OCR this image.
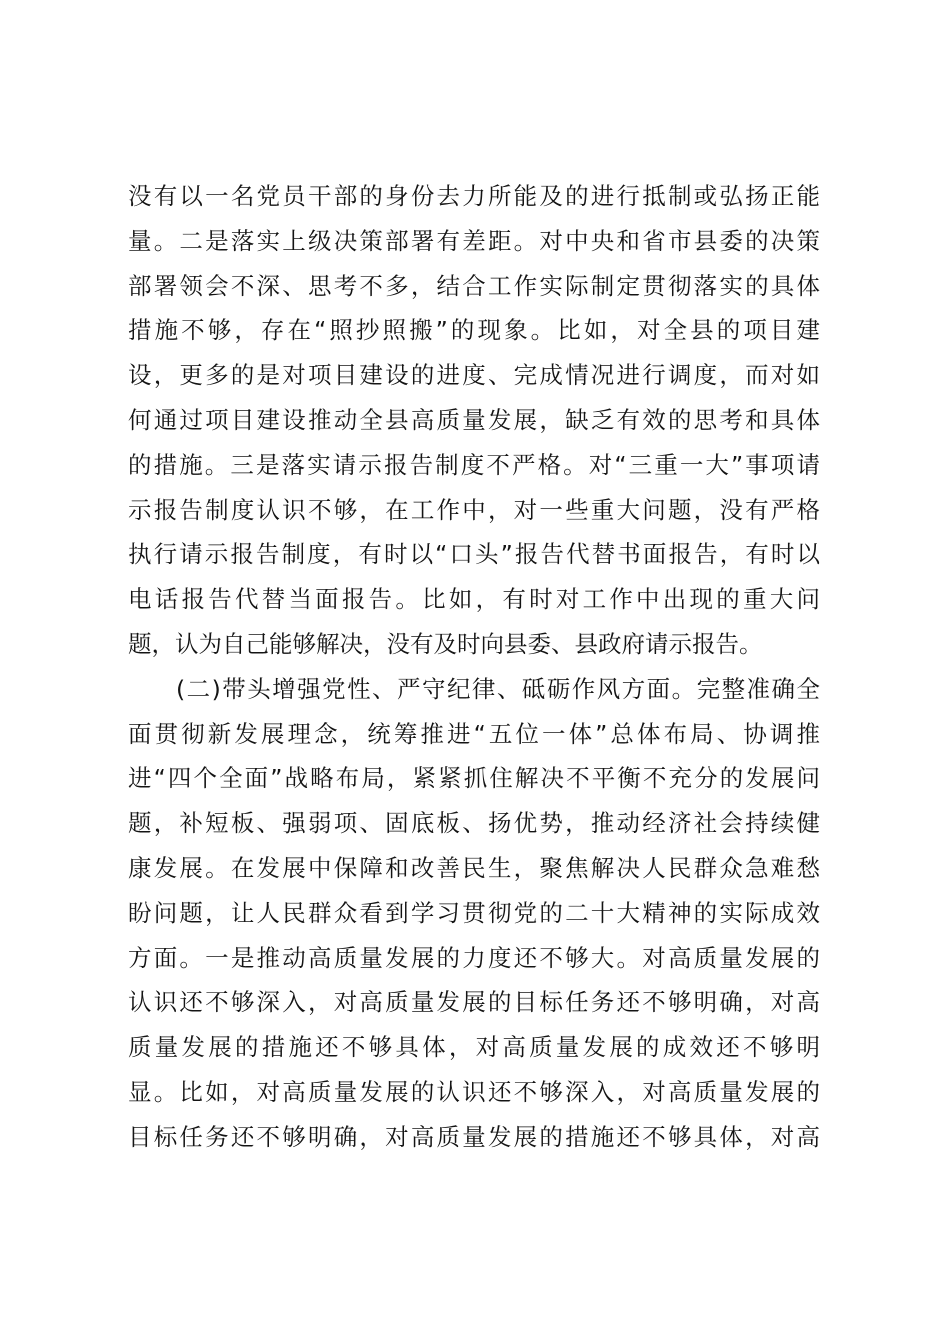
没有以一名党员干部的身份去力所能及的进行抵制或弘扬正能
量。二是落实上级决策部署有差距。对中央和省市县委的决策
部署领会不深、思考不多，结合工作实际制定贯彻落实的具体
措施不够，存在“照抄照搬”的现象。比如，对全县的项目建
设，更多的是对项目建设的进度、完成情况进行调度，而对如
何通过项目建设推动全县高质量发展，缺乏有效的思考和具体
的措施。三是落实请示报告制度不严格。对“三重一大”事项请
示报告制度认识不够，在工作中，对一些重大问题，没有严格
执行请示报告制度，有时以“口头”报告代替书面报告，有时以
电话报告代替当面报告。比如，有时对工作中出现的重大问
题，认为自己能够解决，没有及时向县委、县政府请示报告。
(二)带头增强党性、严守纪律、砥砺作风方面。完整准确全
面贯彻新发展理念，统筹推进“五位一体”总体布局、协调推
进“四个全面”战略布局，紧紧抓住解决不平衡不充分的发展问
题，补短板、强弱项、固底板、扬优势，推动经济社会持续健
康发展。在发展中保障和改善民生，聚焦解决人民群众急难愁
盼问题，让人民群众看到学习贯彻党的二十大精神的实际成效
方面。一是推动高质量发展的力度还不够大。对高质量发展的
认识还不够深入，对高质量发展的目标任务还不够明确，对高
质量发展的措施还不够具体，对高质量发展的成效还不够明
显。比如，对高质量发展的认识还不够深入，对高质量发展的
目标任务还不够明确，对高质量发展的措施还不够具体，对高
